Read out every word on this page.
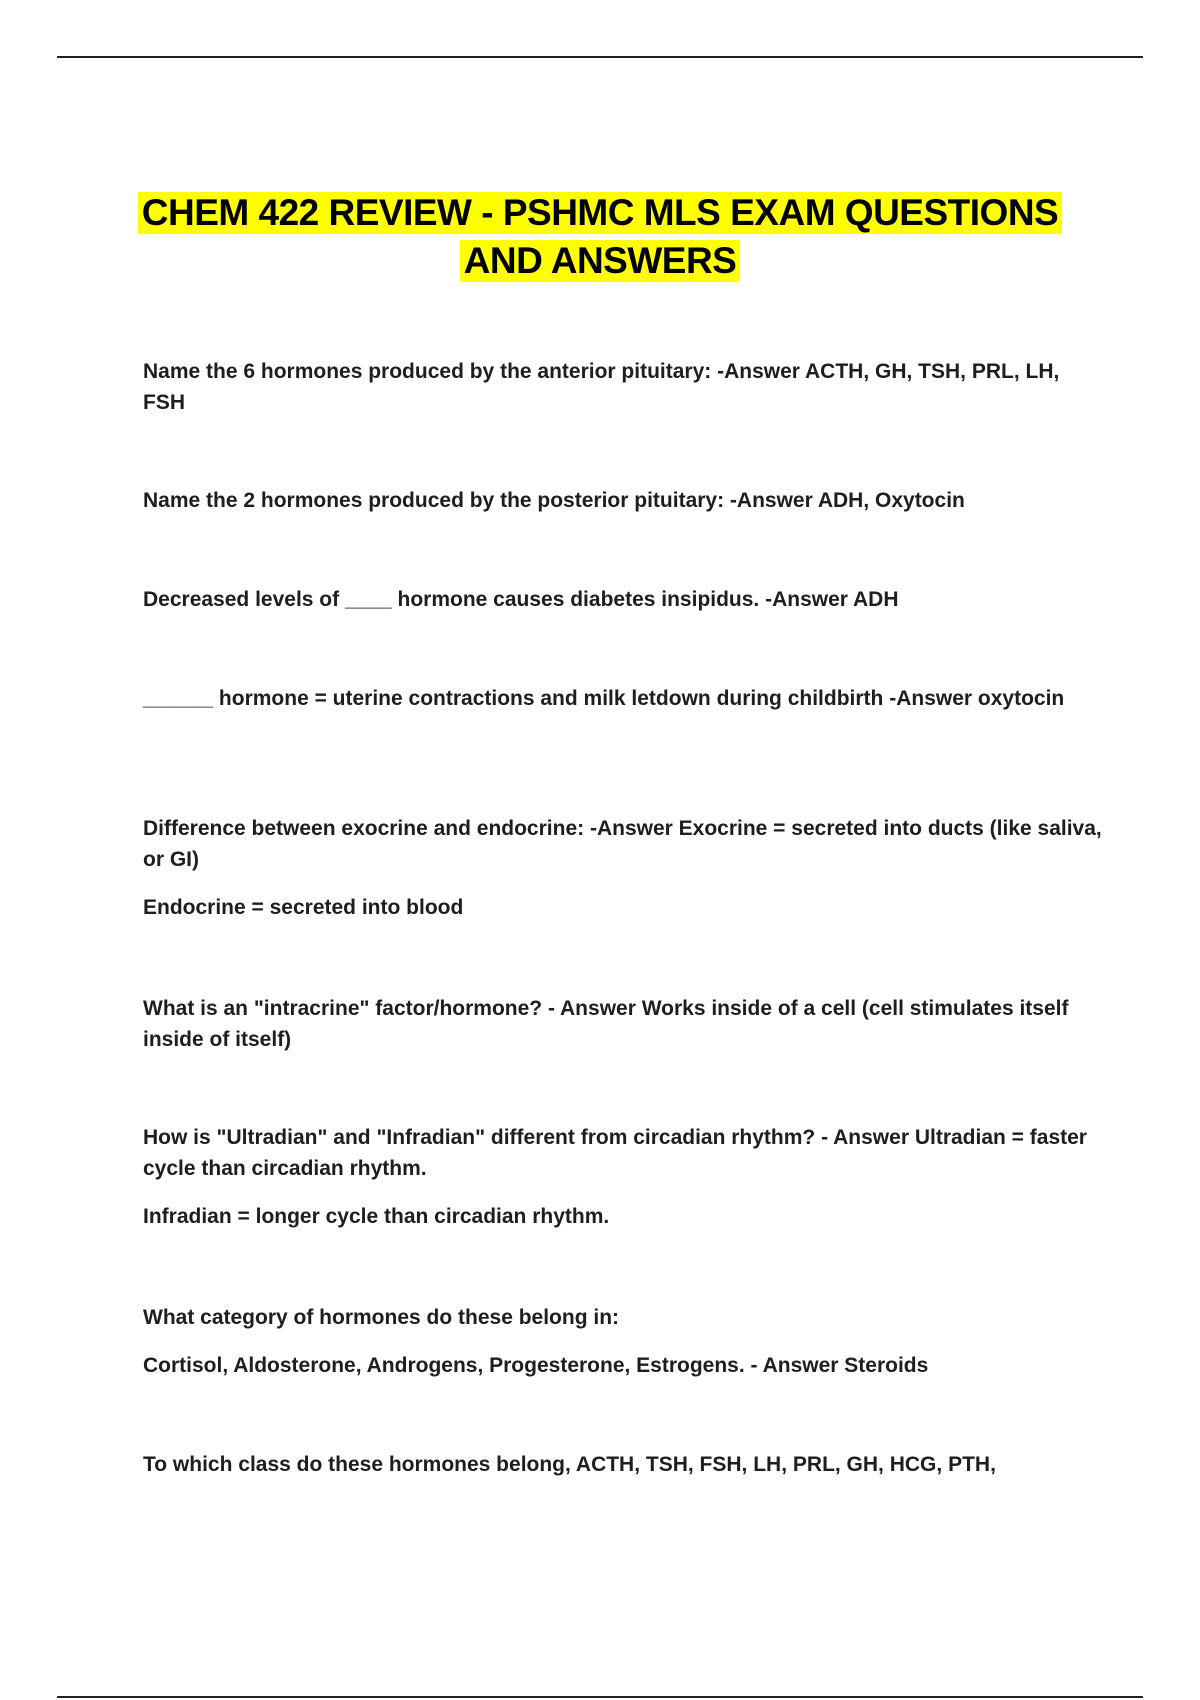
CHEM 422 REVIEW - PSHMC MLS EXAM QUESTIONS
AND ANSWERS

Name the 6 hormones produced by the anterior pituitary: -Answer ACTH, GH, TSH, PRL, LH, FSH

Name the 2 hormones produced by the posterior pituitary: -Answer ADH, Oxytocin

Decreased levels of ____ hormone causes diabetes insipidus. -Answer ADH

______ hormone = uterine contractions and milk letdown during childbirth -Answer oxytocin

Difference between exocrine and endocrine: -Answer Exocrine = secreted into ducts (like saliva, or GI)

Endocrine = secreted into blood

What is an "intracrine" factor/hormone? - Answer Works inside of a cell (cell stimulates itself inside of itself)

How is "Ultradian" and "Infradian" different from circadian rhythm? - Answer Ultradian = faster cycle than circadian rhythm.

Infradian = longer cycle than circadian rhythm.

What category of hormones do these belong in:

Cortisol, Aldosterone, Androgens, Progesterone, Estrogens. - Answer Steroids

To which class do these hormones belong, ACTH, TSH, FSH, LH, PRL, GH, HCG, PTH,
